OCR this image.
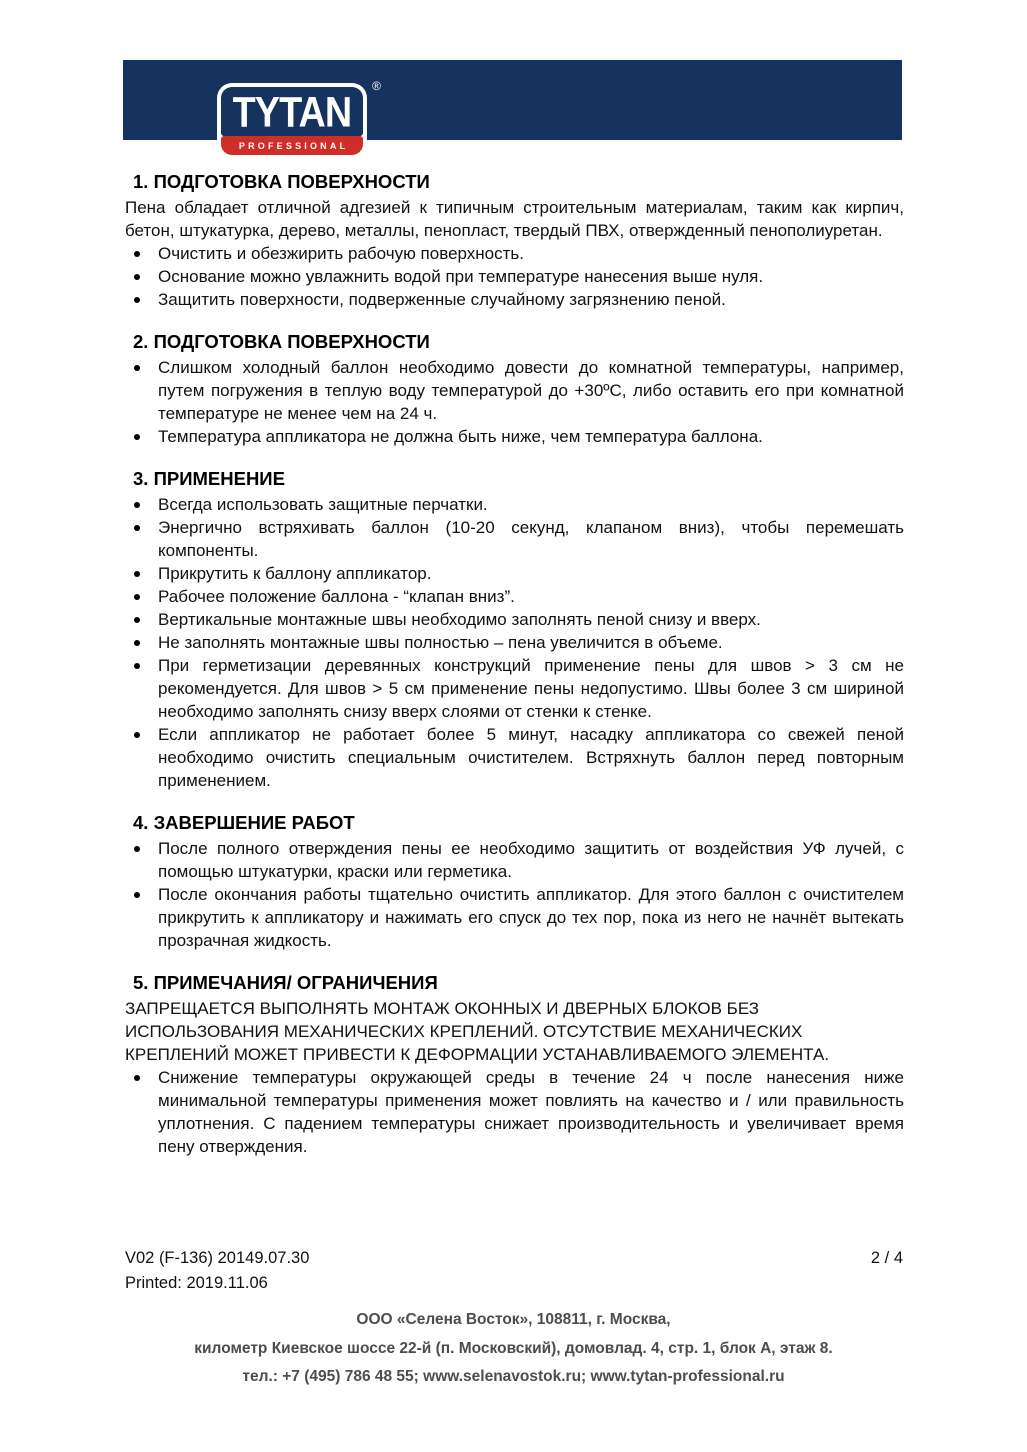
TYTAN
PROFESSIONAL
®
1. ПОДГОТОВКА ПОВЕРХНОСТИ

Пена обладает отличной адгезией к типичным строительным материалам, таким как кирпич, бетон, штукатурка, дерево, металлы, пенопласт, твердый ПВХ, отвержденный пенополиуретан.

Очистить и обезжирить рабочую поверхность.
Основание можно увлажнить водой при температуре нанесения выше нуля.
Защитить поверхности, подверженные случайному загрязнению пеной.
2. ПОДГОТОВКА ПОВЕРХНОСТИ
Слишком холодный баллон необходимо довести до комнатной температуры, например, путем погружения в теплую воду температурой до +30ºС, либо оставить его при комнатной температуре не менее чем на 24 ч.
Температура аппликатора не должна быть ниже, чем температура баллона.
3. ПРИМЕНЕНИЕ
Всегда использовать защитные перчатки.
Энергично встряхивать баллон (10-20 секунд, клапаном вниз), чтобы перемешать компоненты.
Прикрутить к баллону аппликатор.
Рабочее положение баллона - “клапан вниз”.
Вертикальные монтажные швы необходимо заполнять пеной снизу и вверх.
Не заполнять монтажные швы полностью – пена увеличится в объеме.
При герметизации деревянных конструкций применение пены для швов > 3 см не рекомендуется. Для швов > 5 см применение пены недопустимо. Швы более 3 см шириной необходимо заполнять снизу вверх слоями от стенки к стенке.
Если аппликатор не работает более 5 минут, насадку аппликатора со свежей пеной необходимо очистить специальным очистителем. Встряхнуть баллон перед повторным применением.
4. ЗАВЕРШЕНИЕ РАБОТ
После полного отверждения пены ее необходимо защитить от воздействия УФ лучей, с помощью штукатурки, краски или герметика.
После окончания работы тщательно очистить аппликатор. Для этого баллон с очистителем прикрутить к аппликатору и нажимать его спуск до тех пор, пока из него не начнёт вытекать прозрачная жидкость.
5. ПРИМЕЧАНИЯ/ ОГРАНИЧЕНИЯ

ЗАПРЕЩАЕТСЯ ВЫПОЛНЯТЬ МОНТАЖ ОКОННЫХ И ДВЕРНЫХ БЛОКОВ БЕЗ ИСПОЛЬЗОВАНИЯ МЕХАНИЧЕСКИХ КРЕПЛЕНИЙ. ОТСУТСТВИЕ МЕХАНИЧЕСКИХ КРЕПЛЕНИЙ МОЖЕТ ПРИВЕСТИ К ДЕФОРМАЦИИ УСТАНАВЛИВАЕМОГО ЭЛЕМЕНТА.

Снижение температуры окружающей среды в течение 24 ч после нанесения ниже минимальной температуры применения может повлиять на качество и / или правильность уплотнения. С падением температуры снижает производительность и увеличивает время пену отверждения.
V02 (F-136) 20149.07.30
Printed: 2019.11.06
2 / 4
ООО «Селена Восток», 108811, г. Москва,
километр Киевское шоссе 22-й (п. Московский), домовлад. 4, стр. 1, блок А, этаж 8.
тел.: +7 (495) 786 48 55; www.selenavostok.ru; www.tytan-professional.ru
